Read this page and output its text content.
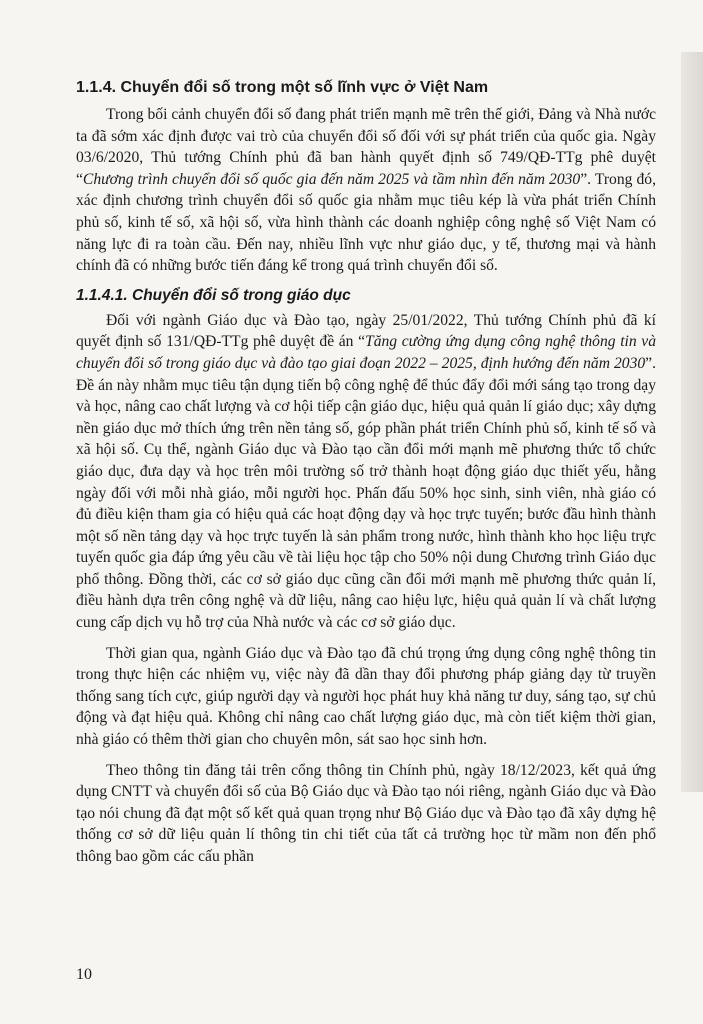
1.1.4. Chuyển đổi số trong một số lĩnh vực ở Việt Nam

Trong bối cảnh chuyển đổi số đang phát triển mạnh mẽ trên thế giới, Đảng và Nhà nước ta đã sớm xác định được vai trò của chuyển đổi số đối với sự phát triển của quốc gia. Ngày 03/6/2020, Thủ tướng Chính phủ đã ban hành quyết định số 749/QĐ-TTg phê duyệt “Chương trình chuyển đổi số quốc gia đến năm 2025 và tầm nhìn đến năm 2030”. Trong đó, xác định chương trình chuyển đổi số quốc gia nhằm mục tiêu kép là vừa phát triển Chính phủ số, kinh tế số, xã hội số, vừa hình thành các doanh nghiệp công nghệ số Việt Nam có năng lực đi ra toàn cầu. Đến nay, nhiều lĩnh vực như giáo dục, y tế, thương mại và hành chính đã có những bước tiến đáng kể trong quá trình chuyển đổi số.

1.1.4.1. Chuyển đổi số trong giáo dục

Đối với ngành Giáo dục và Đào tạo, ngày 25/01/2022, Thủ tướng Chính phủ đã kí quyết định số 131/QĐ-TTg phê duyệt đề án “Tăng cường ứng dụng công nghệ thông tin và chuyển đổi số trong giáo dục và đào tạo giai đoạn 2022 – 2025, định hướng đến năm 2030”. Đề án này nhằm mục tiêu tận dụng tiến bộ công nghệ để thúc đẩy đổi mới sáng tạo trong dạy và học, nâng cao chất lượng và cơ hội tiếp cận giáo dục, hiệu quả quản lí giáo dục; xây dựng nền giáo dục mở thích ứng trên nền tảng số, góp phần phát triển Chính phủ số, kinh tế số và xã hội số. Cụ thể, ngành Giáo dục và Đào tạo cần đổi mới mạnh mẽ phương thức tổ chức giáo dục, đưa dạy và học trên môi trường số trở thành hoạt động giáo dục thiết yếu, hằng ngày đối với mỗi nhà giáo, mỗi người học. Phấn đấu 50% học sinh, sinh viên, nhà giáo có đủ điều kiện tham gia có hiệu quả các hoạt động dạy và học trực tuyến; bước đầu hình thành một số nền tảng dạy và học trực tuyến là sản phẩm trong nước, hình thành kho học liệu trực tuyến quốc gia đáp ứng yêu cầu về tài liệu học tập cho 50% nội dung Chương trình Giáo dục phổ thông. Đồng thời, các cơ sở giáo dục cũng cần đổi mới mạnh mẽ phương thức quản lí, điều hành dựa trên công nghệ và dữ liệu, nâng cao hiệu lực, hiệu quả quản lí và chất lượng cung cấp dịch vụ hỗ trợ của Nhà nước và các cơ sở giáo dục.

Thời gian qua, ngành Giáo dục và Đào tạo đã chú trọng ứng dụng công nghệ thông tin trong thực hiện các nhiệm vụ, việc này đã dần thay đổi phương pháp giảng dạy từ truyền thống sang tích cực, giúp người dạy và người học phát huy khả năng tư duy, sáng tạo, sự chủ động và đạt hiệu quả. Không chỉ nâng cao chất lượng giáo dục, mà còn tiết kiệm thời gian, nhà giáo có thêm thời gian cho chuyên môn, sát sao học sinh hơn.

Theo thông tin đăng tải trên cổng thông tin Chính phủ, ngày 18/12/2023, kết quả ứng dụng CNTT và chuyển đổi số của Bộ Giáo dục và Đào tạo nói riêng, ngành Giáo dục và Đào tạo nói chung đã đạt một số kết quả quan trọng như Bộ Giáo dục và Đào tạo đã xây dựng hệ thống cơ sở dữ liệu quản lí thông tin chi tiết của tất cả trường học từ mầm non đến phổ thông bao gồm các cấu phần

10
